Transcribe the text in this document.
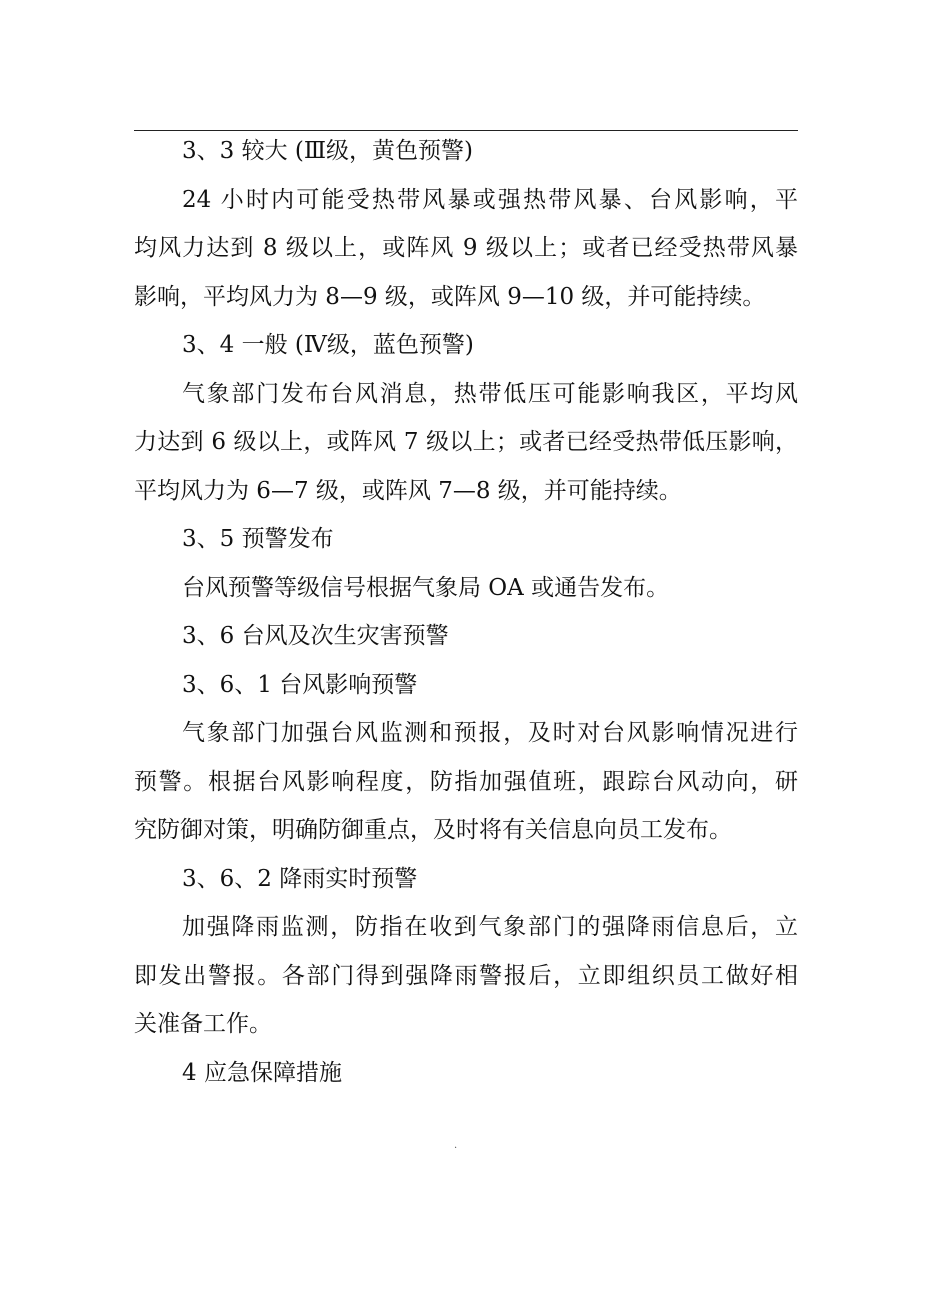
3、3 较大 (Ⅲ级，黄色预警)
24 小时内可能受热带风暴或强热带风暴、台风影响，平
均风力达到 8 级以上，或阵风 9 级以上；或者已经受热带风暴
影响，平均风力为 8—9 级，或阵风 9—10 级，并可能持续。
3、4 一般 (Ⅳ级，蓝色预警)
气象部门发布台风消息，热带低压可能影响我区，平均风
力达到 6 级以上，或阵风 7 级以上；或者已经受热带低压影响，
平均风力为 6—7 级，或阵风 7—8 级，并可能持续。
3、5 预警发布
台风预警等级信号根据气象局 OA 或通告发布。
3、6 台风及次生灾害预警
3、6、1 台风影响预警
气象部门加强台风监测和预报，及时对台风影响情况进行
预警。根据台风影响程度，防指加强值班，跟踪台风动向，研
究防御对策，明确防御重点，及时将有关信息向员工发布。
3、6、2 降雨实时预警
加强降雨监测，防指在收到气象部门的强降雨信息后，立
即发出警报。各部门得到强降雨警报后，立即组织员工做好相
关准备工作。
4 应急保障措施
.
